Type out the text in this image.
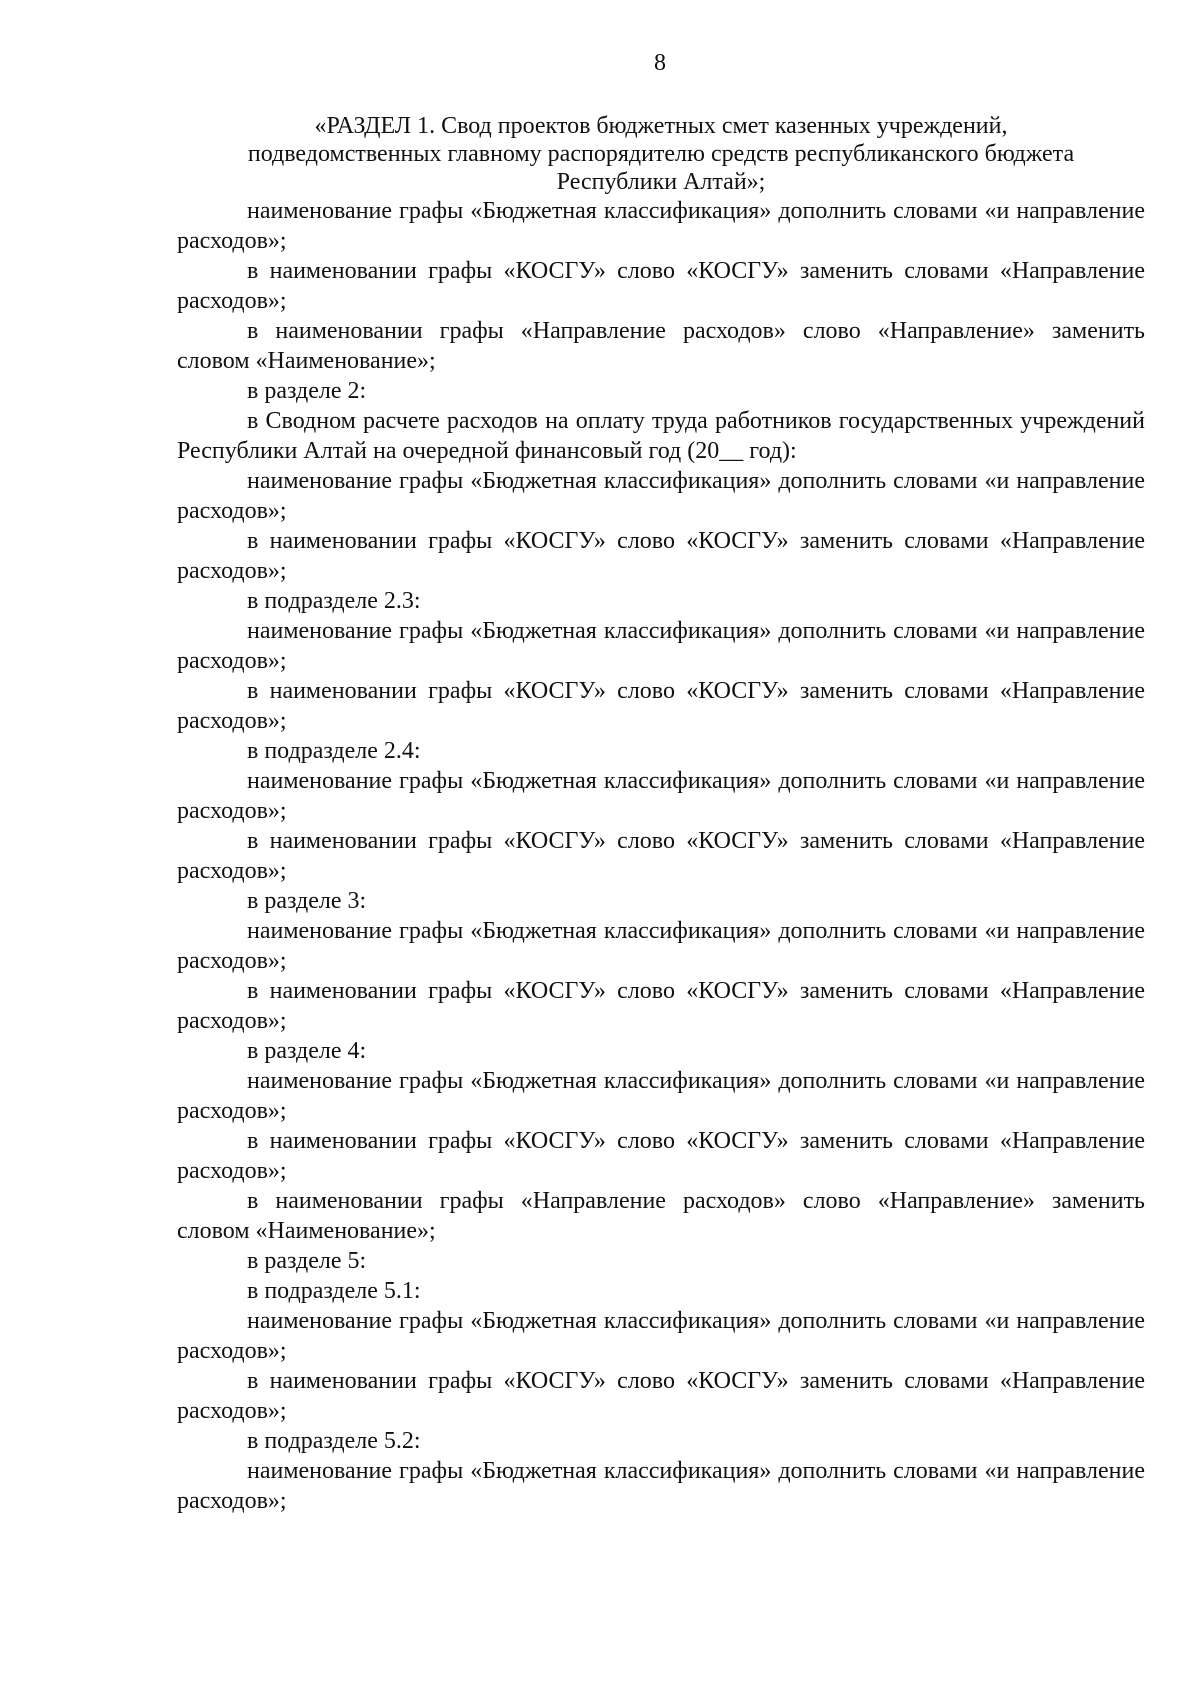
8
«РАЗДЕЛ 1. Свод проектов бюджетных смет казенных учреждений,
подведомственных главному распорядителю средств республиканского бюджета
Республики Алтай»;

наименование графы «Бюджетная классификация» дополнить словами «и направление расходов»;

в наименовании графы «КОСГУ» слово «КОСГУ» заменить словами «Направление расходов»;

в наименовании графы «Направление расходов» слово «Направление» заменить словом «Наименование»;

в разделе 2:

в Сводном расчете расходов на оплату труда работников государственных учреждений Республики Алтай на очередной финансовый год (20__ год):

наименование графы «Бюджетная классификация» дополнить словами «и направление расходов»;

в наименовании графы «КОСГУ» слово «КОСГУ» заменить словами «Направление расходов»;

в подразделе 2.3:

наименование графы «Бюджетная классификация» дополнить словами «и направление расходов»;

в наименовании графы «КОСГУ» слово «КОСГУ» заменить словами «Направление расходов»;

в подразделе 2.4:

наименование графы «Бюджетная классификация» дополнить словами «и направление расходов»;

в наименовании графы «КОСГУ» слово «КОСГУ» заменить словами «Направление расходов»;

в разделе 3:

наименование графы «Бюджетная классификация» дополнить словами «и направление расходов»;

в наименовании графы «КОСГУ» слово «КОСГУ» заменить словами «Направление расходов»;

в разделе 4:

наименование графы «Бюджетная классификация» дополнить словами «и направление расходов»;

в наименовании графы «КОСГУ» слово «КОСГУ» заменить словами «Направление расходов»;

в наименовании графы «Направление расходов» слово «Направление» заменить словом «Наименование»;

в разделе 5:

в подразделе 5.1:

наименование графы «Бюджетная классификация» дополнить словами «и направление расходов»;

в наименовании графы «КОСГУ» слово «КОСГУ» заменить словами «Направление расходов»;

в подразделе 5.2:

наименование графы «Бюджетная классификация» дополнить словами «и направление расходов»;
